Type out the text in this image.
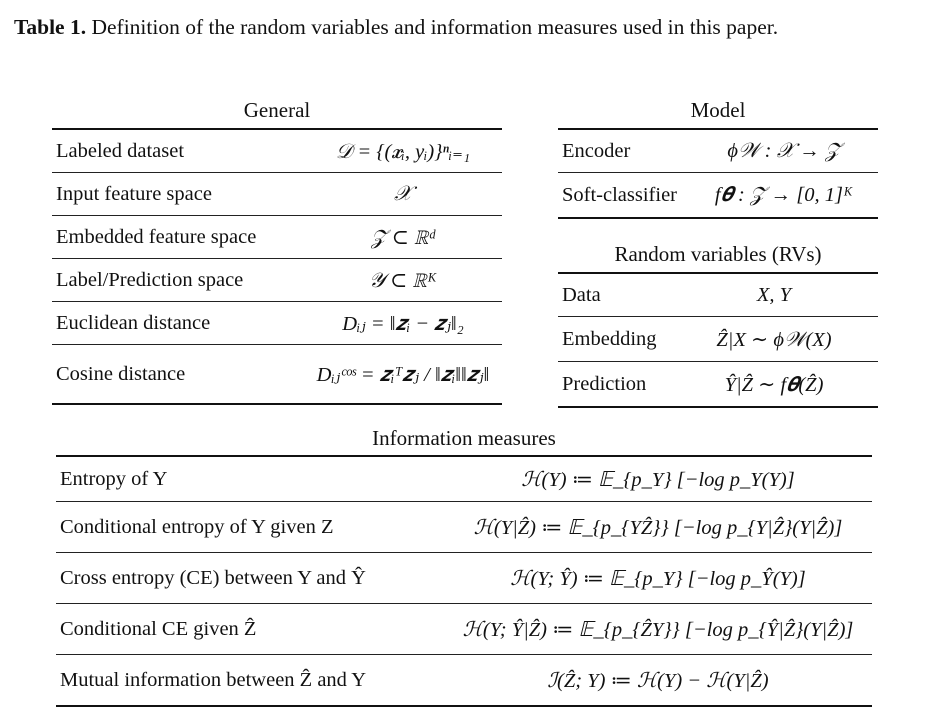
Table 1. Definition of the random variables and information measures used in this paper.
General
Labeled dataset	𝒟 = {(𝒙ᵢ, yᵢ)}ⁿᵢ₌₁
Input feature space	𝒳
Embedded feature space	𝒵 ⊂ ℝᵈ
Label/Prediction space	𝒴 ⊂ ℝᴷ
Euclidean distance	Dᵢⱼ = ‖𝒛ᵢ − 𝒛ⱼ‖₂
Cosine distance	Dᵢⱼᶜᵒˢ = 𝒛ᵢᵀ𝒛ⱼ / ‖𝒛ᵢ‖‖𝒛ⱼ‖
Model
Encoder	ϕ𝒲 : 𝒳 → 𝒵
Soft-classifier	f𝜽 : 𝒵 → [0, 1]ᴷ
Random variables (RVs)
Data	X, Y
Embedding	Ẑ|X ∼ ϕ𝒲(X)
Prediction	Ŷ|Ẑ ∼ f𝜽(Ẑ)
Information measures
Entropy of Y	ℋ(Y) ≔ 𝔼_{p_Y} [−log p_Y(Y)]
Conditional entropy of Y given Z	ℋ(Y|Ẑ) ≔ 𝔼_{p_{YẐ}} [−log p_{Y|Ẑ}(Y|Ẑ)]
Cross entropy (CE) between Y and Ŷ	ℋ(Y; Ŷ) ≔ 𝔼_{p_Y} [−log p_Ŷ(Y)]
Conditional CE given Ẑ	ℋ(Y; Ŷ|Ẑ) ≔ 𝔼_{p_{ẐY}} [−log p_{Ŷ|Ẑ}(Y|Ẑ)]
Mutual information between Ẑ and Y	ℐ(Ẑ; Y) ≔ ℋ(Y) − ℋ(Y|Ẑ)
